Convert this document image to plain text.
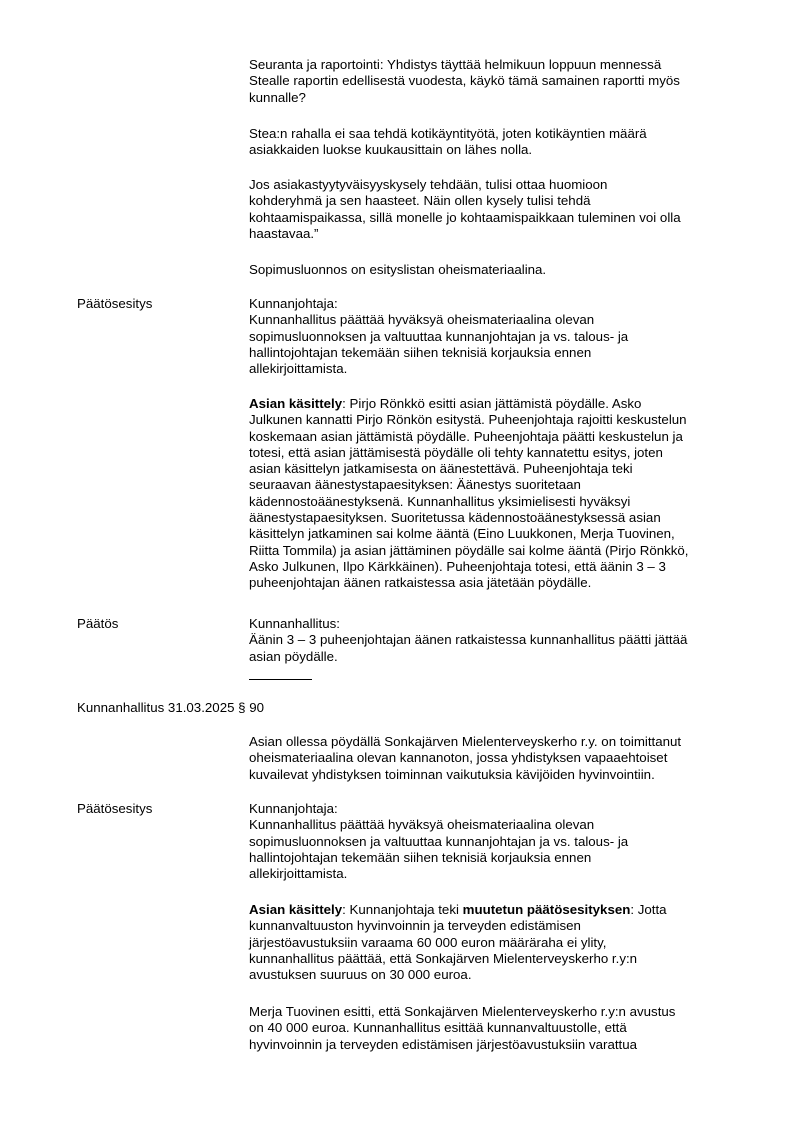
Seuranta ja raportointi: Yhdistys täyttää helmikuun loppuun mennessä
Stealle raportin edellisestä vuodesta, käykö tämä samainen raportti myös
kunnalle?
Stea:n rahalla ei saa tehdä kotikäyntityötä, joten kotikäyntien määrä
asiakkaiden luokse kuukausittain on lähes nolla.
Jos asiakastyytyväisyyskysely tehdään, tulisi ottaa huomioon
kohderyhmä ja sen haasteet. Näin ollen kysely tulisi tehdä
kohtaamispaikassa, sillä monelle jo kohtaamispaikkaan tuleminen voi olla
haastavaa.”
Sopimusluonnos on esityslistan oheismateriaalina.
Päätösesitys	Kunnanjohtaja:
Kunnanhallitus päättää hyväksyä oheismateriaalina olevan
sopimusluonnoksen ja valtuuttaa kunnanjohtajan ja vs. talous- ja
hallintojohtajan tekemään siihen teknisiä korjauksia ennen
allekirjoittamista.
Asian käsittely: Pirjo Rönkkö esitti asian jättämistä pöydälle. Asko
Julkunen kannatti Pirjo Rönkön esitystä. Puheenjohtaja rajoitti keskustelun
koskemaan asian jättämistä pöydälle. Puheenjohtaja päätti keskustelun ja
totesi, että asian jättämisestä pöydälle oli tehty kannatettu esitys, joten
asian käsittelyn jatkamisesta on äänestettävä. Puheenjohtaja teki
seuraavan äänestystapaesityksen: Äänestys suoritetaan
kädennostoäänestyksenä. Kunnanhallitus yksimielisesti hyväksyi
äänestystapaesityksen. Suoritetussa kädennostoäänestyksessä asian
käsittelyn jatkaminen sai kolme ääntä (Eino Luukkonen, Merja Tuovinen,
Riitta Tommila) ja asian jättäminen pöydälle sai kolme ääntä (Pirjo Rönkkö,
Asko Julkunen, Ilpo Kärkkäinen). Puheenjohtaja totesi, että äänin 3 – 3
puheenjohtajan äänen ratkaistessa asia jätetään pöydälle.
Päätös	Kunnanhallitus:
Äänin 3 – 3 puheenjohtajan äänen ratkaistessa kunnanhallitus päätti jättää
asian pöydälle.
Kunnanhallitus 31.03.2025 § 90
Asian ollessa pöydällä Sonkajärven Mielenterveyskerho r.y. on toimittanut
oheismateriaalina olevan kannanoton, jossa yhdistyksen vapaaehtoiset
kuvailevat yhdistyksen toiminnan vaikutuksia kävijöiden hyvinvointiin.
Päätösesitys	Kunnanjohtaja:
Kunnanhallitus päättää hyväksyä oheismateriaalina olevan
sopimusluonnoksen ja valtuuttaa kunnanjohtajan ja vs. talous- ja
hallintojohtajan tekemään siihen teknisiä korjauksia ennen
allekirjoittamista.
Asian käsittely: Kunnanjohtaja teki muutetun päätösesityksen: Jotta
kunnanvaltuuston hyvinvoinnin ja terveyden edistämisen
järjestöavustuksiin varaama 60 000 euron määräraha ei ylity,
kunnanhallitus päättää, että Sonkajärven Mielenterveyskerho r.y:n
avustuksen suuruus on 30 000 euroa.
Merja Tuovinen esitti, että Sonkajärven Mielenterveyskerho r.y:n avustus
on 40 000 euroa. Kunnanhallitus esittää kunnanvaltuustolle, että
hyvinvoinnin ja terveyden edistämisen järjestöavustuksiin varattua
